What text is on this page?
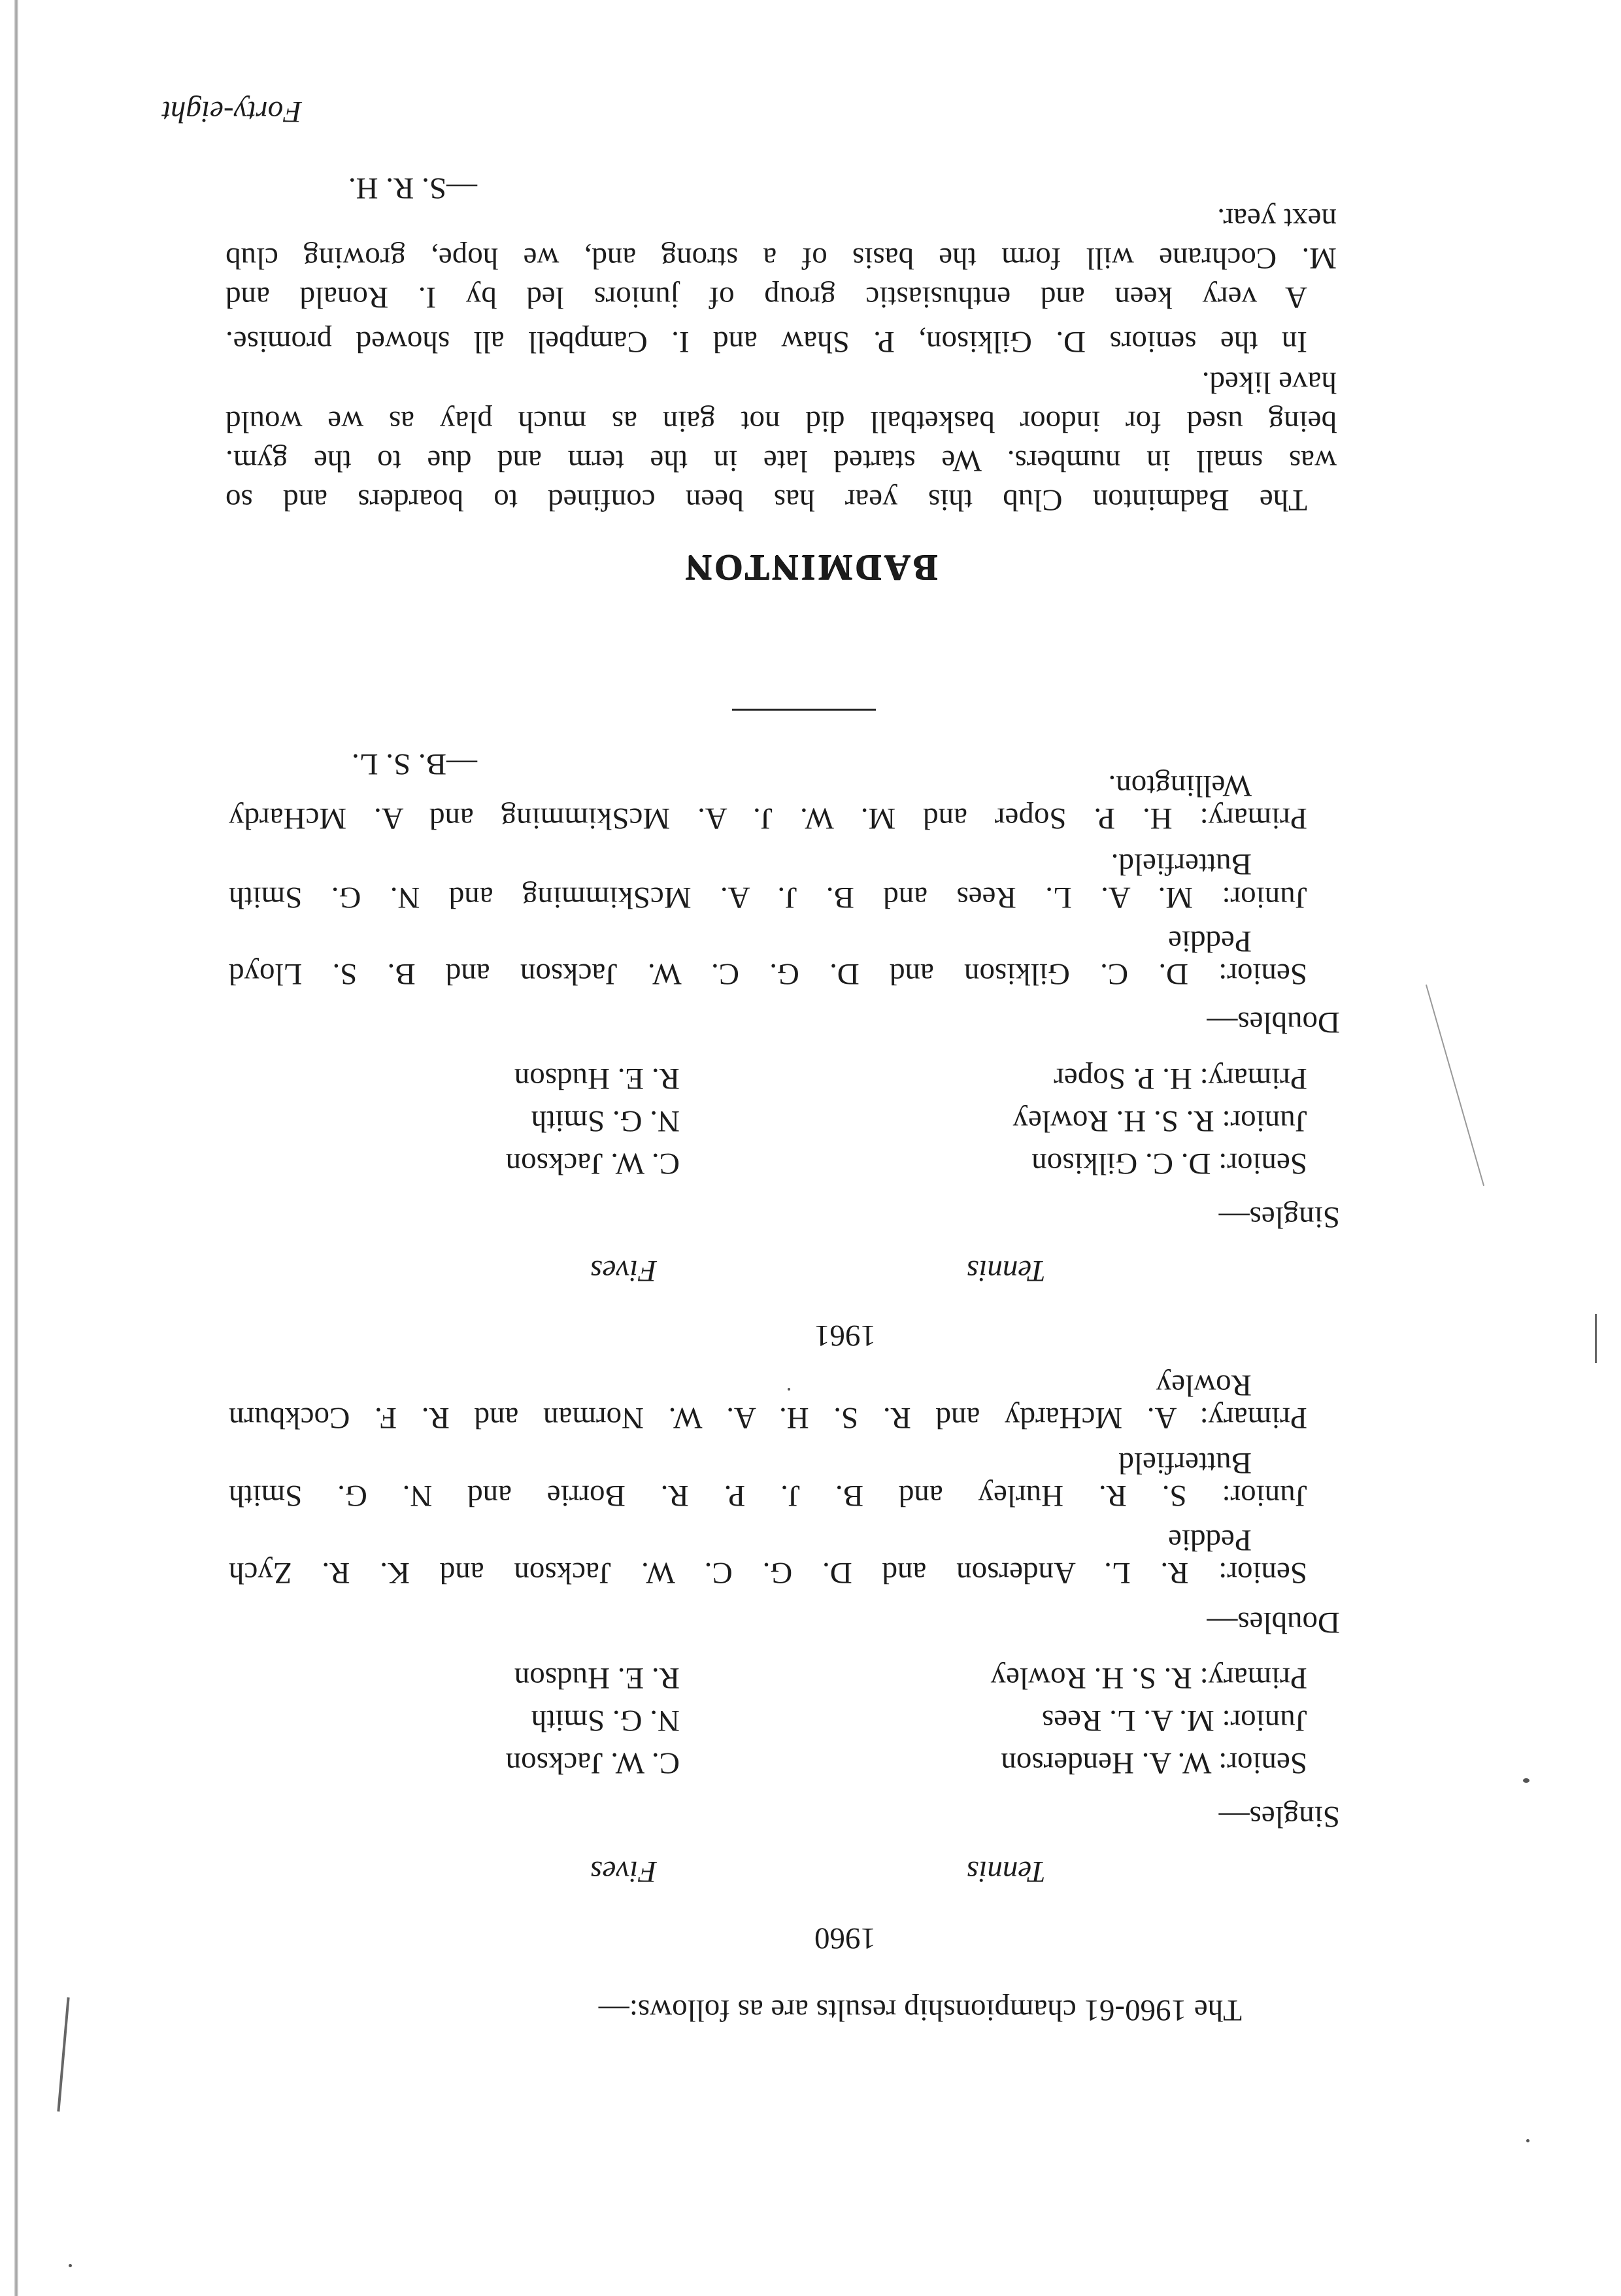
The 1960-61 championship results are as follows:—

1960

Tennis

Fives

Singles—

Senior: W. A. Henderson
C. W. Jackson
Junior: M. A. L. Rees
N. G. Smith
Primary: R. S. H. Rowley
R. E. Hudson

Doubles—

Senior: R. L. Anderson and D. G. C. W. Jackson and K. R. Zych

Peddie

Junior: S. R. Hurley and B. J. P. R. Borrie and N. G. Smith

Butterfield

Primary: A. McHardy and R. S. H. A. W. Norman and R. F. Cockburn

Rowley

1961

Tennis

Fives

Singles—

Senior: D. C. Gilkison
C. W. Jackson
Junior: R. S. H. Rowley
N. G. Smith
Primary: H. P. Soper
R. E. Hudson

Doubles—

Senior: D. C. Gilkison and D. G. C. W. Jackson and B. S. Lloyd

Peddie

Junior: M. A. L. Rees and B. J. A. McSkimming and N. G. Smith

Butterfield.

Primary: H. P. Soper and M. W. J. A. McSkimming and A. McHardy

Wellington.

—B. S. L.

BADMINTON

The Badminton Club this year has been confined to boarders and so

was small in numbers. We started late in the term and due to the gym.

being used for indoor basketball did not gain as much play as we would

have liked.

In the seniors D. Gilkison, P. Shaw and I. Campbell all showed promise.

A very keen and enthusiastic group of juniors led by I. Ronald and

M. Cochrane will form the basis of a strong and, we hope, growing club

next year.

—S. R. H.

Forty-eight
